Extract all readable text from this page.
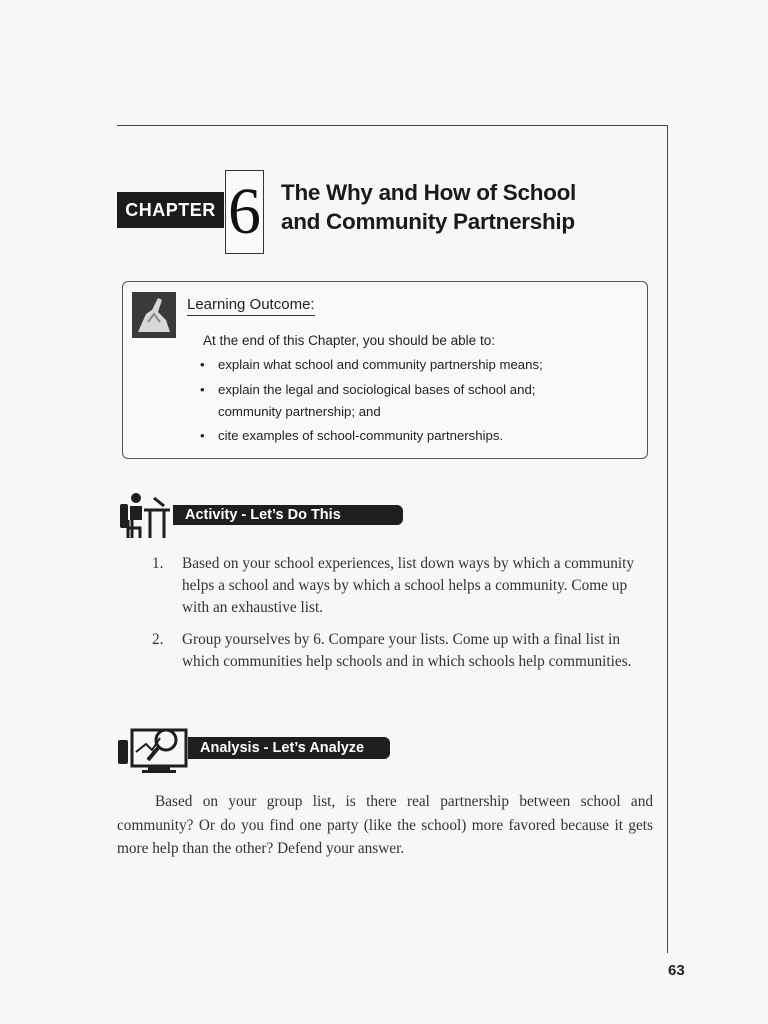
CHAPTER 6 The Why and How of School
and Community Partnership
Learning Outcome:
At the end of this Chapter, you should be able to:
• explain what school and community partnership means;
• explain the legal and sociological bases of school and;
community partnership; and
• cite examples of school-community partnerships.
Activity - Let’s Do This
1. Based on your school experiences, list down ways by which a community helps a school and ways by which a school helps a community. Come up with an exhaustive list.
2. Group yourselves by 6. Compare your lists. Come up with a final list in which communities help schools and in which schools help communities.
Analysis - Let’s Analyze
Based on your group list, is there real partnership between school and community? Or do you find one party (like the school) more favored because it gets more help than the other? Defend your answer.
63
